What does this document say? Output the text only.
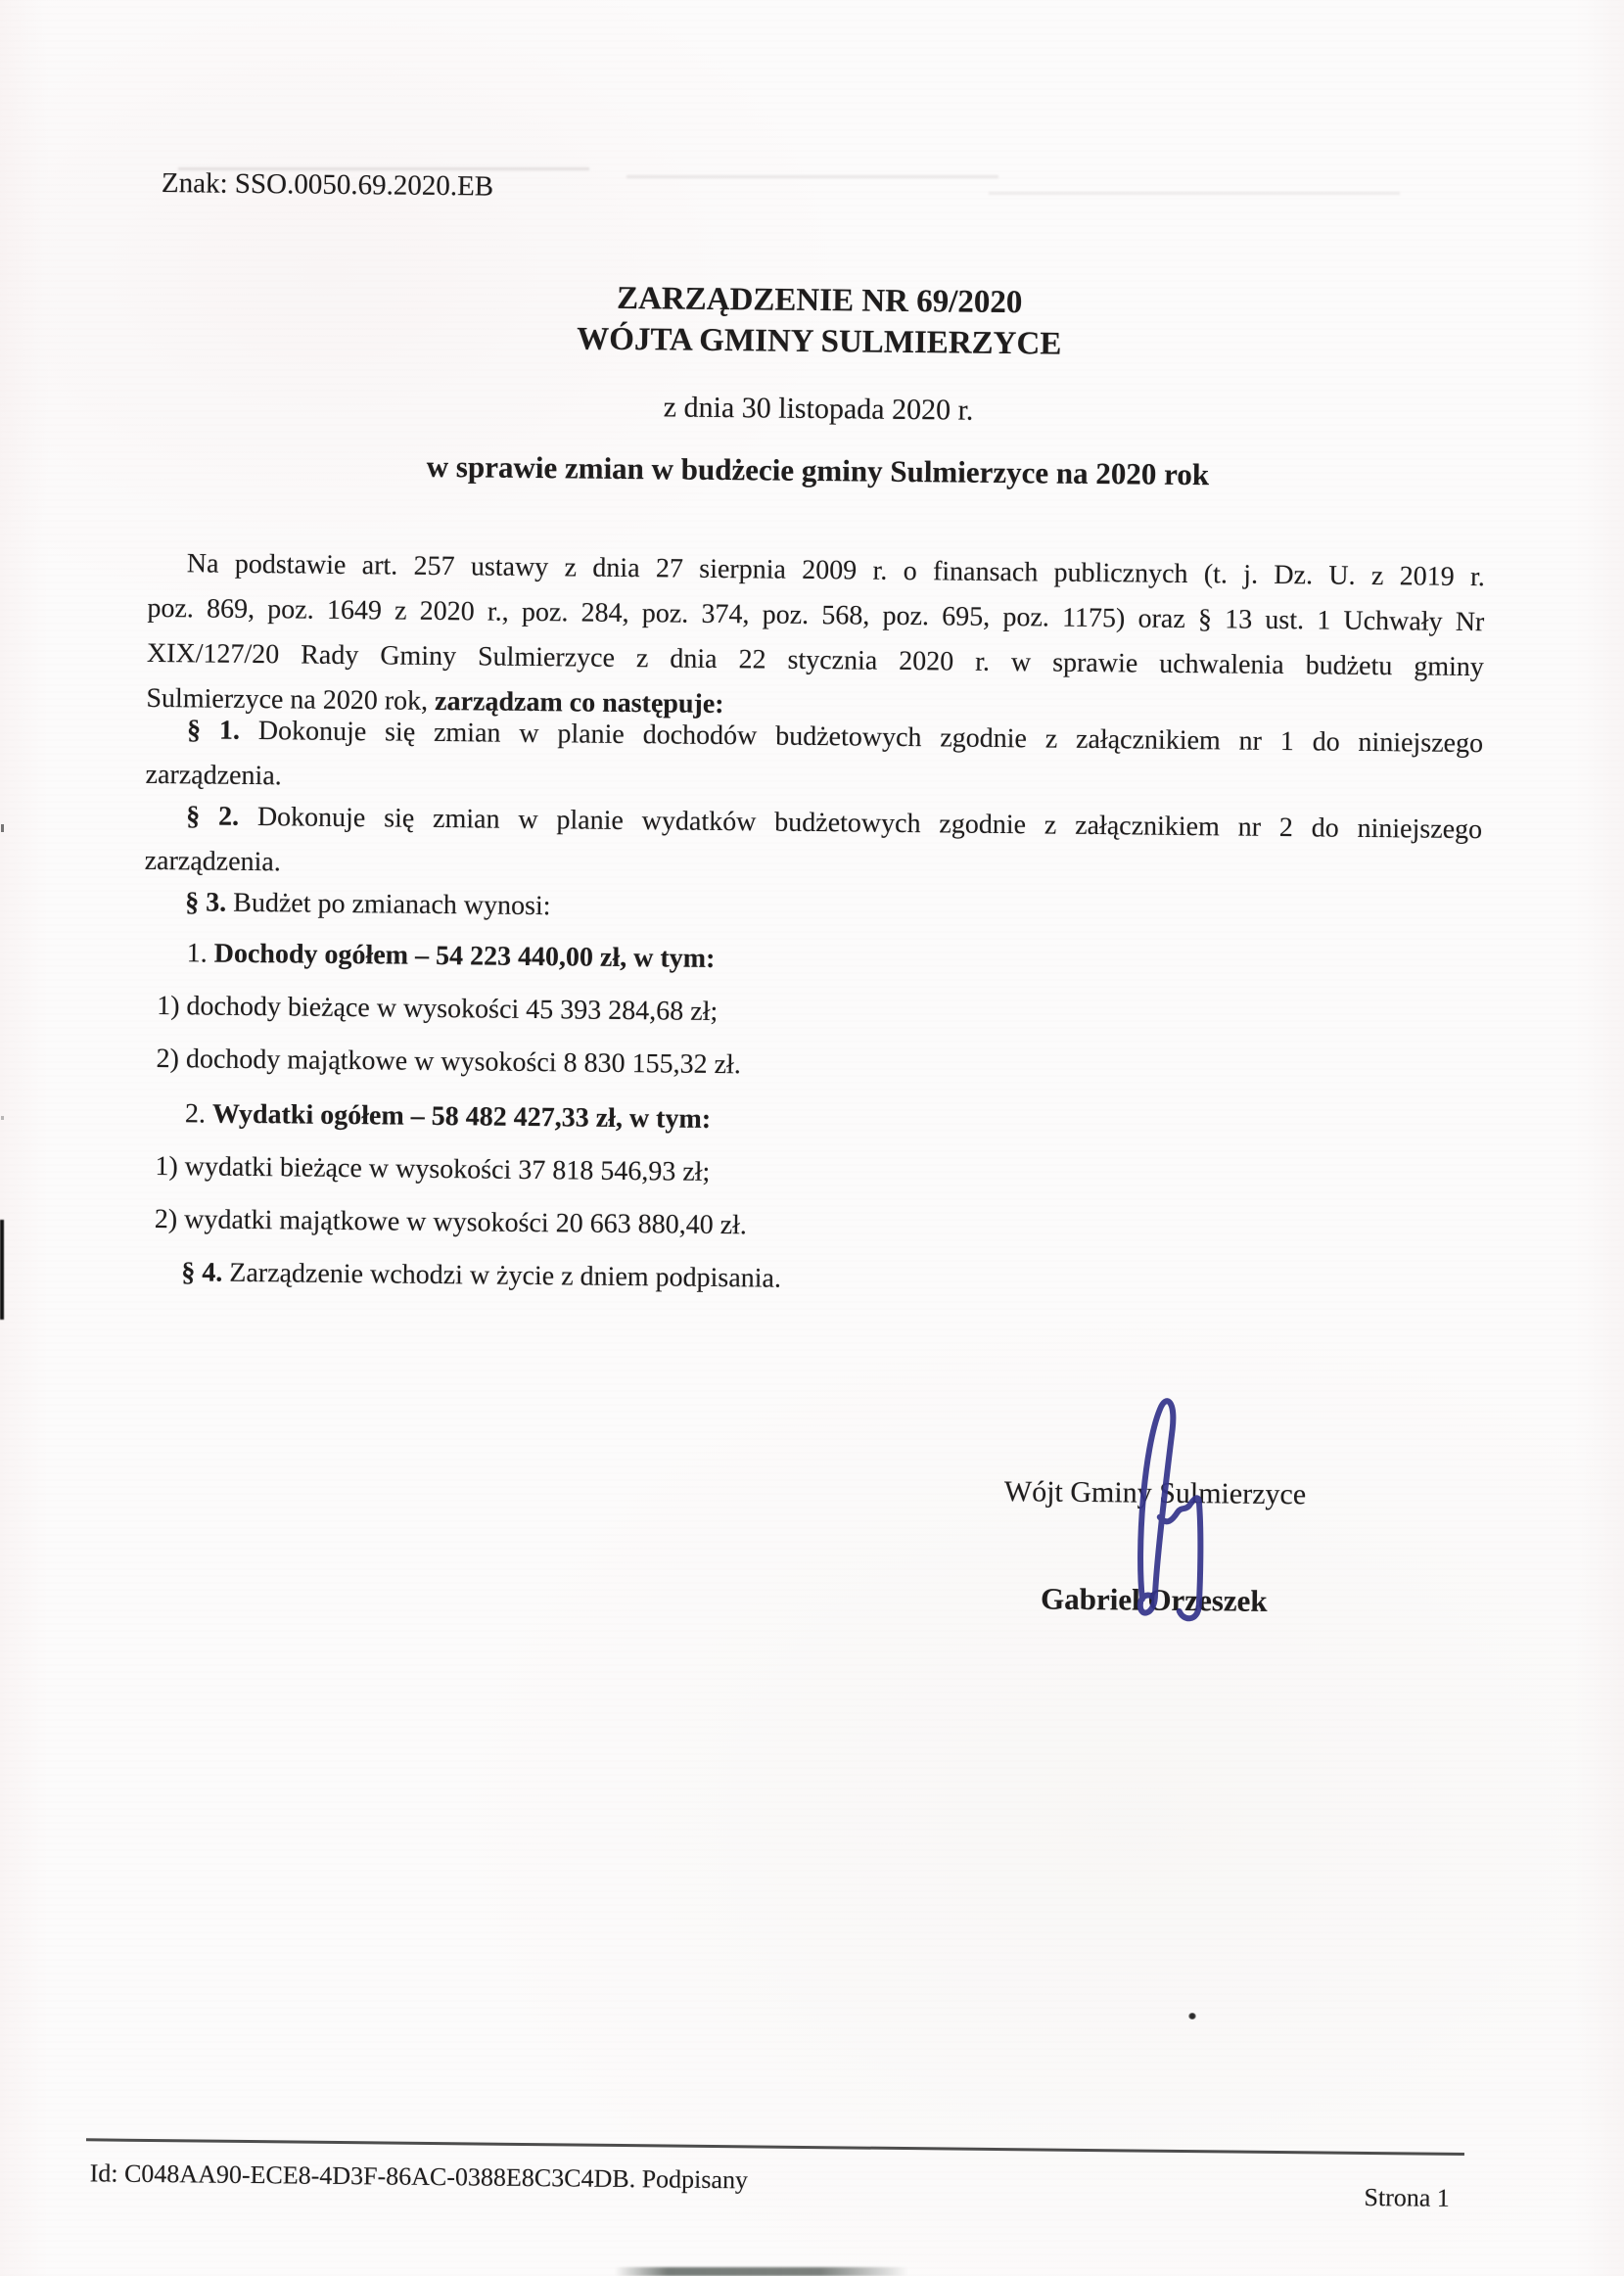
Znak: SSO.0050.69.2020.EB
ZARZĄDZENIE NR 69/2020
WÓJTA GMINY SULMIERZYCE
z dnia 30 listopada 2020 r.
w sprawie zmian w budżecie gminy Sulmierzyce na 2020 rok
Na podstawie art. 257 ustawy z dnia 27 sierpnia 2009 r. o finansach publicznych (t. j. Dz. U. z 2019 r.
poz. 869, poz. 1649 z 2020 r., poz. 284, poz. 374, poz. 568, poz. 695, poz. 1175) oraz § 13 ust. 1 Uchwały Nr
XIX/127/20 Rady Gminy Sulmierzyce z dnia 22 stycznia 2020 r. w sprawie uchwalenia budżetu gminy
Sulmierzyce na 2020 rok, zarządzam co następuje:
§ 1. Dokonuje się zmian w planie dochodów budżetowych zgodnie z załącznikiem nr 1 do niniejszego
zarządzenia.
§ 2. Dokonuje się zmian w planie wydatków budżetowych zgodnie z załącznikiem nr 2 do niniejszego
zarządzenia.
§ 3. Budżet po zmianach wynosi:
1. Dochody ogółem – 54 223 440,00 zł, w tym:
1) dochody bieżące w wysokości 45 393 284,68 zł;
2) dochody majątkowe w wysokości 8 830 155,32 zł.
2. Wydatki ogółem – 58 482 427,33 zł, w tym:
1) wydatki bieżące w wysokości 37 818 546,93 zł;
2) wydatki majątkowe w wysokości 20 663 880,40 zł.
§ 4. Zarządzenie wchodzi w życie z dniem podpisania.
Wójt Gminy Sulmierzyce
Gabriel Orzeszek
Id: C048AA90-ECE8-4D3F-86AC-0388E8C3C4DB. Podpisany
Strona 1
